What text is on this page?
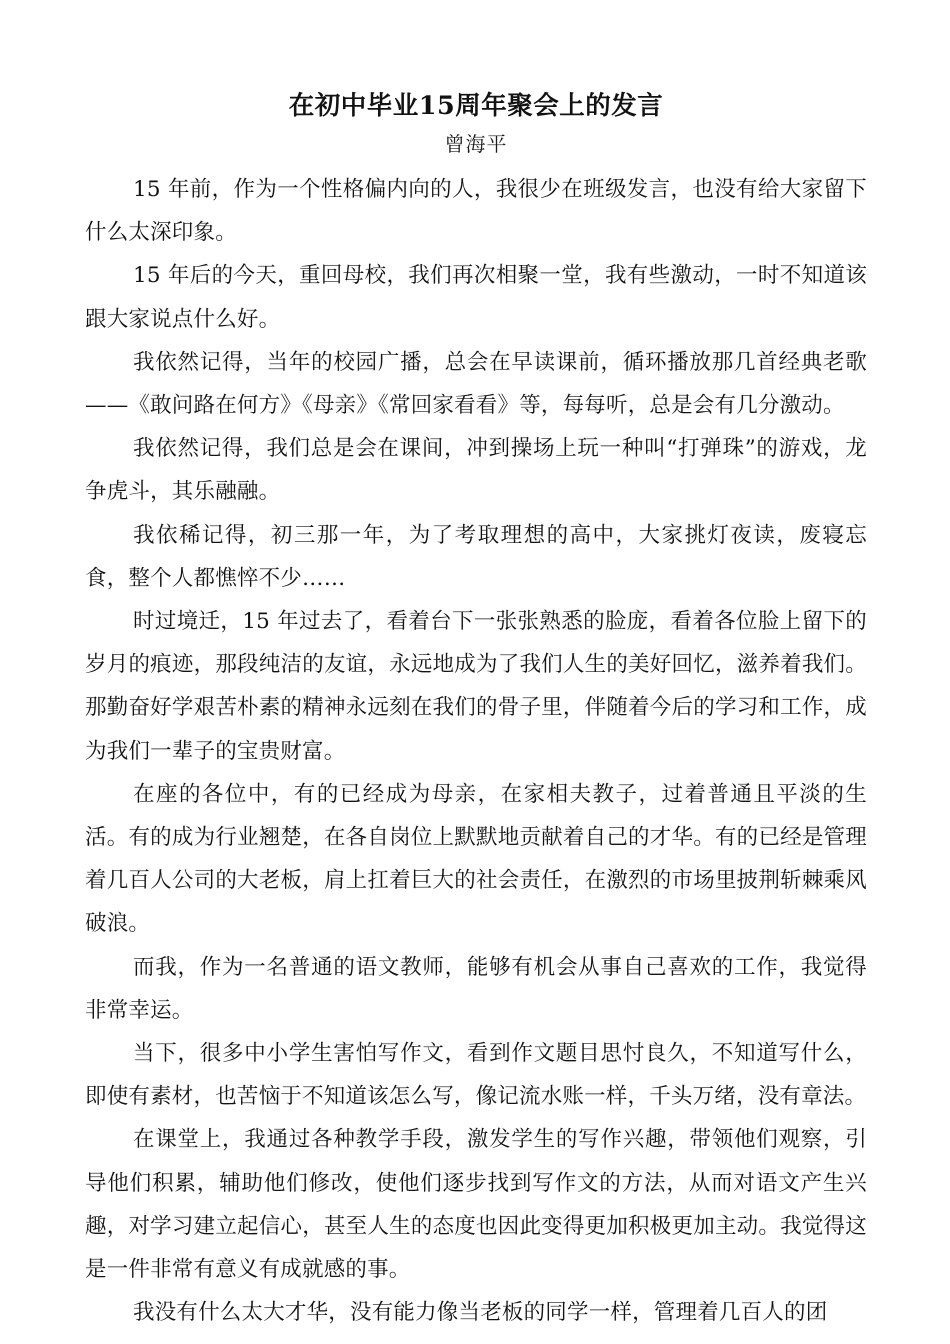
在初中毕业15周年聚会上的发言
曾海平

15 年前，作为一个性格偏内向的人，我很少在班级发言，也没有给大家留下什么太深印象。

15 年后的今天，重回母校，我们再次相聚一堂，我有些激动，一时不知道该跟大家说点什么好。

我依然记得，当年的校园广播，总会在早读课前，循环播放那几首经典老歌——《敢问路在何方》《母亲》《常回家看看》等，每每听，总是会有几分激动。

我依然记得，我们总是会在课间，冲到操场上玩一种叫“打弹珠”的游戏，龙争虎斗，其乐融融。

我依稀记得，初三那一年，为了考取理想的高中，大家挑灯夜读，废寝忘食，整个人都憔悴不少……

时过境迁，15 年过去了，看着台下一张张熟悉的脸庞，看着各位脸上留下的岁月的痕迹，那段纯洁的友谊，永远地成为了我们人生的美好回忆，滋养着我们。那勤奋好学艰苦朴素的精神永远刻在我们的骨子里，伴随着今后的学习和工作，成为我们一辈子的宝贵财富。

在座的各位中，有的已经成为母亲，在家相夫教子，过着普通且平淡的生活。有的成为行业翘楚，在各自岗位上默默地贡献着自己的才华。有的已经是管理着几百人公司的大老板，肩上扛着巨大的社会责任，在激烈的市场里披荆斩棘乘风破浪。

而我，作为一名普通的语文教师，能够有机会从事自己喜欢的工作，我觉得非常幸运。

当下，很多中小学生害怕写作文，看到作文题目思忖良久，不知道写什么，即使有素材，也苦恼于不知道该怎么写，像记流水账一样，千头万绪，没有章法。

在课堂上，我通过各种教学手段，激发学生的写作兴趣，带领他们观察，引导他们积累，辅助他们修改，使他们逐步找到写作文的方法，从而对语文产生兴趣，对学习建立起信心，甚至人生的态度也因此变得更加积极更加主动。我觉得这是一件非常有意义有成就感的事。

我没有什么太大才华，没有能力像当老板的同学一样，管理着几百人的团
